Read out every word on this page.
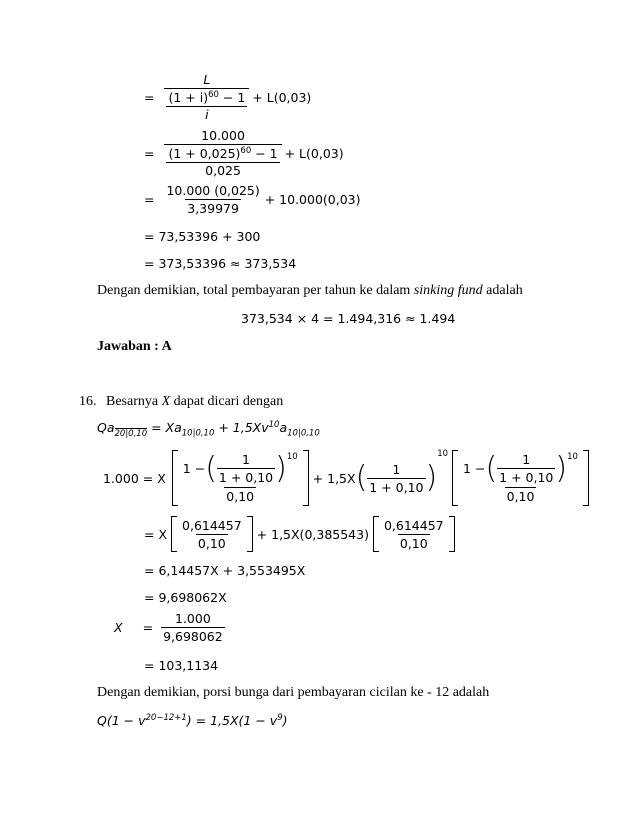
= $\frac{L}{\frac{(1 + i)^{60} - 1}{i}} + L(0,03)$
= $\frac{10.000}{\frac{(1 + 0,025)^{60} - 1}{0,025}} + L(0,03)$
= $\frac{10.000 (0,025)}{3,39979} + 10.000(0,03)$
= 73,53396 + 300
= 373,53396 ≈ 373,534
Dengan demikian, total pembayaran per tahun ke dalam sinking fund adalah
373,534 × 4 = 1.494,316 ≈ 1.494
Jawaban : A
16. Besarnya X dapat dicari dengan
$Qa_{20|0,10} = Xa_{10|0,10} + 1,5Xv^{10}a_{10|0,10}$
1.000 = X
1 − ( $\frac{1}{1 + 0,10} )^{10}$
0,10
+ 1,5X ( $\frac{1}{1 + 0,10}$ )
10
1 − ( $\frac{1}{1 + 0,10} )^{10}$
0,10
= X $\frac{0,614457}{0,10} + 1,5X(0,385543) \frac{0,614457}{0,10}$
= 6,14457X + 3,553495X
= 9,698062X
$X = \frac{1.000}{9,698062}$
= 103,1134
Dengan demikian, porsi bunga dari pembayaran cicilan ke - 12 adalah
$Q(1 - v^{20-12+1}) = 1,5X(1 - v^9)$
